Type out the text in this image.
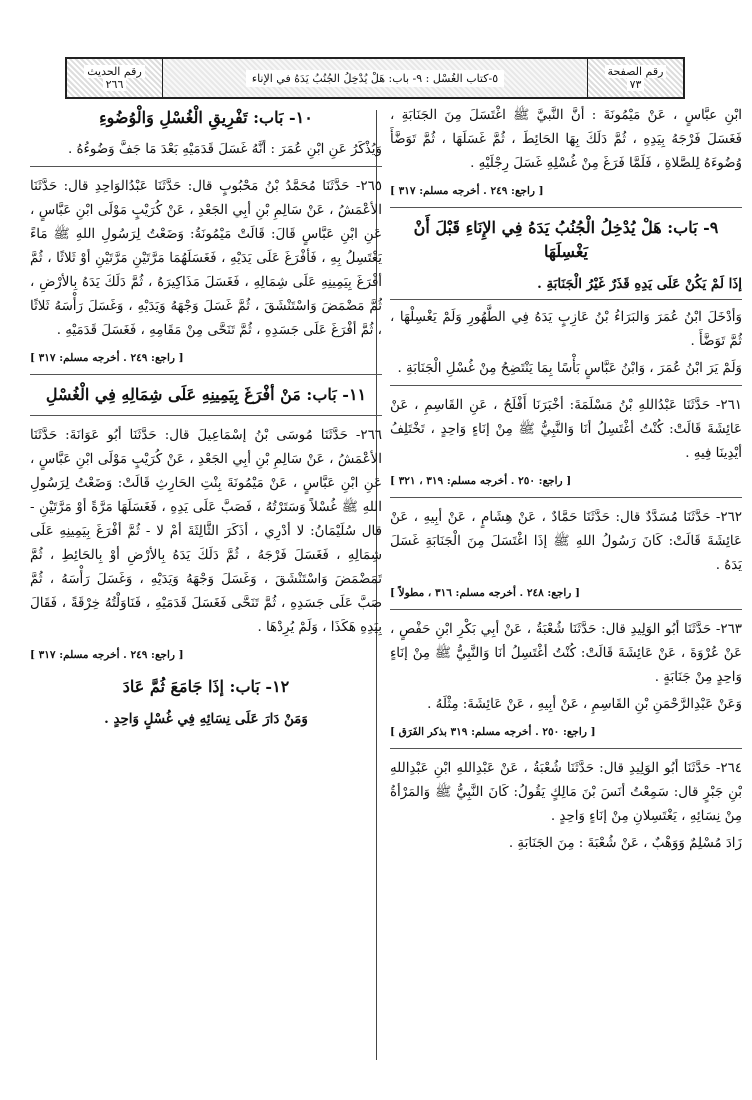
رقم الحديث
٢٦٦	٥-كتاب الغُسْل : ٩- باب: هَلْ يُدْخِلُ الجُنُبُ يَدَهُ في الإناء	رقم الصفحة
٧٣

ابْنِ عبَّاسٍ ، عَنْ مَيْمُونَةَ : أنَّ النَّبيَّ ﷺ اغْتَسَلَ مِنَ الجَنَابَةِ ، فَغَسَلَ فَرْجَهُ بِيَدِهِ ، ثُمَّ دَلَكَ بِهَا الحَائِطَ ، ثُمَّ غَسَلَهَا ، ثُمَّ تَوَضَّأَ وُضُوءَهُ لِلصَّلاةِ ، فَلَمَّا فَرَغَ مِنْ غُسْلِهِ غَسَلَ رِجْلَيْهِ .

[ راجع: ٢٤٩ . أخرجه مسلم: ٣١٧ ]

٩- بَاب: هَلْ يُدْخِلُ الْجُنُبُ يَدَهُ فِي الإِنَاءِ قَبْلَ أَنْ يَغْسِلَهَا

إذَا لَمْ يَكُنْ عَلَى يَدِهِ قَذَرٌ غَيْرُ الْجَنَابَةِ .

وَأدْخَلَ ابْنُ عُمَرَ وَالبَرَاءُ بْنُ عَازِبٍ يَدَهُ فِي الطَّهُورِ وَلَمْ يَغْسِلْهَا ، ثُمَّ تَوَضَّأَ .

وَلَمْ يَرَ ابْنُ عُمَرَ ، وَابْنُ عَبَّاسٍ بَأْسًا بِمَا يَنْتَضِحُ مِنْ غُسْلِ الْجَنَابَةِ .

٢٦١- حَدَّثَنَا عَبْدُاللهِ بْنُ مَسْلَمَةَ: أخْبَرَنَا أَفْلَحُ ، عَنِ القَاسِمِ ، عَنْ عَائِشَةَ قَالَتْ: كُنْتُ أغْتَسِلُ أنَا وَالنَّبِيُّ ﷺ مِنْ إنَاءٍ وَاحِدٍ ، تَخْتَلِفُ أيْدِينَا فِيهِ .

[ راجع: ٢٥٠ . أخرجه مسلم: ٣١٩ ، ٣٢١ ]

٢٦٢- حَدَّثَنَا مُسَدَّدٌ قال: حَدَّثَنَا حَمَّادٌ ، عَنْ هِشَامٍ ، عَنْ أبِيهِ ، عَنْ عَائِشَةَ قَالَتْ: كَانَ رَسُولُ اللهِ ﷺ إذَا اغْتَسَلَ مِنَ الْجَنَابَةِ غَسَلَ يَدَهُ .

[ راجع: ٢٤٨ . أخرجه مسلم: ٣١٦ ، مطولاً ]

٢٦٣- حَدَّثَنَا أبُو الوَلِيدِ قال: حَدَّثَنَا شُعْبَةُ ، عَنْ أبِي بَكْرِ ابْنِ حَفْصٍ ، عَنْ عُرْوَةَ ، عَنْ عَائِشَةَ قَالَتْ: كُنْتُ أغْتَسِلُ أنَا وَالنَّبِيُّ ﷺ مِنْ إنَاءٍ وَاحِدٍ مِنْ جَنَابَةٍ .

وَعَنْ عَبْدِالرَّحْمَنِ بْنِ القَاسِمِ ، عَنْ أبِيهِ ، عَنْ عَائِشَةَ: مِثْلَهُ .

[ راجع: ٢٥٠ . أخرجه مسلم: ٣١٩ بذكر الفَرَق ]

٢٦٤- حَدَّثَنَا أبُو الوَلِيدِ قال: حَدَّثَنَا شُعْبَةُ ، عَنْ عَبْدِاللهِ ابْنِ عَبْدِاللهِ بْنِ جَبْرٍ قال: سَمِعْتُ أنَسَ بْنَ مَالِكٍ يَقُولُ: كَانَ النَّبِيُّ ﷺ وَالمَرْأةُ مِنْ نِسَائِهِ ، يَغْتَسِلانِ مِنْ إنَاءٍ وَاحِدٍ .

زَادَ مُسْلِمٌ وَوَهْبٌ ، عَنْ شُعْبَةَ : مِنَ الجَنَابَةِ .

١٠- بَاب: تَفْرِيقِ الْغُسْلِ وَالْوُضُوءِ

وَيُذْكَرُ عَنِ ابْنِ عُمَرَ : أنَّهُ غَسَلَ قَدَمَيْهِ بَعْدَ مَا جَفَّ وَضُوءُهُ .

٢٦٥- حَدَّثَنَا مُحَمَّدُ بْنُ مَحْبُوبٍ قال: حَدَّثَنَا عَبْدُالوَاحِدِ قال: حَدَّثَنَا الأعْمَشُ ، عَنْ سَالِمِ بْنِ أبِي الجَعْدِ ، عَنْ كُرَيْبٍ مَوْلَى ابْنِ عَبَّاسٍ ، عَنِ ابْنِ عَبَّاسٍ قَالَ: قَالَتْ مَيْمُونَةُ: وَضَعْتُ لِرَسُولِ اللهِ ﷺ مَاءً يَغْتَسِلُ بِهِ ، فَأفْرَغَ عَلَى يَدَيْهِ ، فَغَسَلَهُمَا مَرَّتَيْنِ مَرَّتَيْنِ أوْ ثَلاثًا ، ثُمَّ أفْرَغَ بِيَمِينِهِ عَلَى شِمَالِهِ ، فَغَسَلَ مَذَاكِيرَهُ ، ثُمَّ دَلَكَ يَدَهُ بِالأرْضِ ، ثُمَّ مَضْمَضَ وَاسْتَنْشَقَ ، ثُمَّ غَسَلَ وَجْهَهُ وَيَدَيْهِ ، وَغَسَلَ رَأْسَهُ ثَلاثًا ، ثُمَّ أفْرَغَ عَلَى جَسَدِهِ ، ثُمَّ تَنَحَّى مِنْ مَقَامِهِ ، فَغَسَلَ قَدَمَيْهِ .

[ راجع: ٢٤٩ . أخرجه مسلم: ٣١٧ ]

١١- بَاب: مَنْ أفْرَغَ بِيَمِينِهِ عَلَى شِمَالِهِ فِي الْغُسْلِ

٢٦٦- حَدَّثَنَا مُوسَى بْنُ إسْمَاعِيلَ قال: حَدَّثَنَا أبُو عَوَانَةَ: حَدَّثَنَا الأعْمَشُ ، عَنْ سَالِمِ بْنِ أبِي الجَعْدِ ، عَنْ كُرَيْبٍ مَوْلَى ابْنِ عَبَّاسٍ ، عَنِ ابْنِ عَبَّاسٍ ، عَنْ مَيْمُونَةَ بِنْتِ الحَارِثِ قَالَتْ: وَضَعْتُ لِرَسُولِ اللهِ ﷺ غُسْلاً وَسَتَرْتُهُ ، فَصَبَّ عَلَى يَدِهِ ، فَغَسَلَهَا مَرَّةً أوْ مَرَّتَيْنِ - قال سُلَيْمَانُ: لا أدْرِي ، أذَكَرَ الثَّالِثَةَ أمْ لا - ثُمَّ أفْرَغَ بِيَمِينِهِ عَلَى شِمَالِهِ ، فَغَسَلَ فَرْجَهُ ، ثُمَّ دَلَكَ يَدَهُ بِالأرْضِ أوْ بِالحَائِطِ ، ثُمَّ تَمَضْمَضَ وَاسْتَنْشَقَ ، وَغَسَلَ وَجْهَهُ وَيَدَيْهِ ، وَغَسَلَ رَأْسَهُ ، ثُمَّ صَبَّ عَلَى جَسَدِهِ ، ثُمَّ تَنَحَّى فَغَسَلَ قَدَمَيْهِ ، فَنَاوَلْتُهُ خِرْقَةً ، فَقَالَ بِيَدِهِ هَكَذَا ، وَلَمْ يُرِدْهَا .

[ راجع: ٢٤٩ . أخرجه مسلم: ٣١٧ ]

١٢- بَاب: إذَا جَامَعَ ثُمَّ عَادَ

وَمَنْ دَارَ عَلَى نِسَائِهِ فِي غُسْلٍ وَاحِدٍ .
